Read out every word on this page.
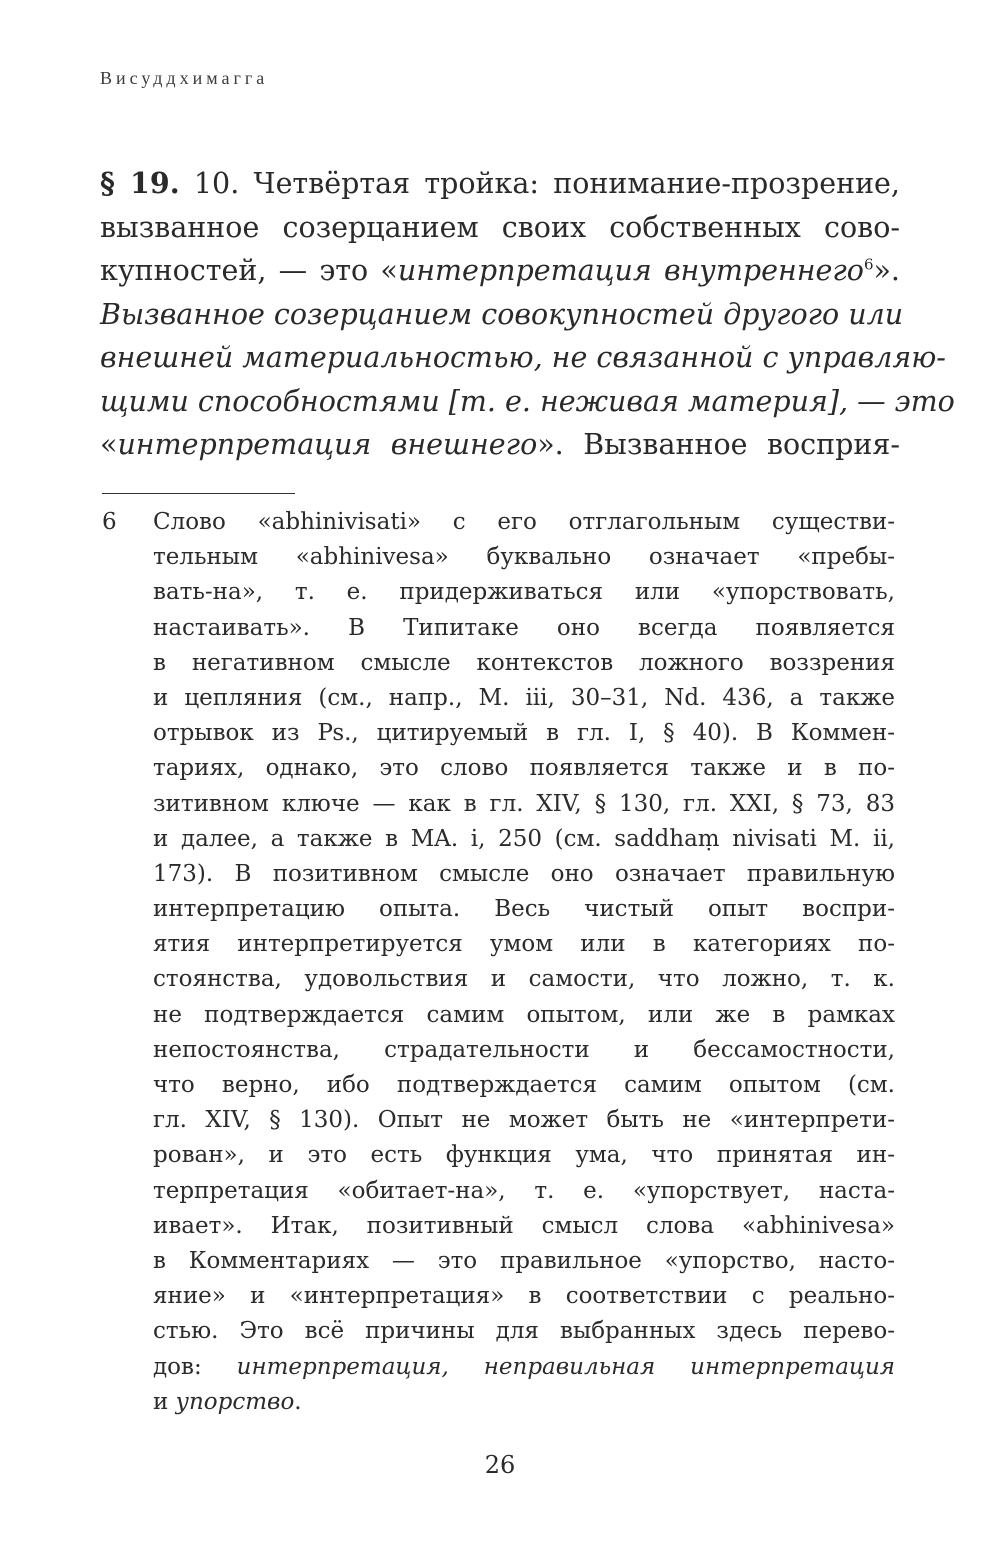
Висуддхимагга
§ 19. 10. Четвёртая тройка: понимание-прозрение,
вызванное созерцанием своих собственных сово-
купностей, — это «интерпретация внутреннего$^6$».
Вызванное созерцанием совокупностей другого или
внешней материальностью, не связанной с управляю-
щими способностями [т. е. неживая материя], — это
«интерпретация внешнего». Вызванное восприя-
6 Слово «abhinivisati» с его отглагольным существи-
тельным «abhinivesa» буквально означает «пребы-
вать-на», т. е. придерживаться или «упорствовать,
настаивать». В Типитаке оно всегда появляется
в негативном смысле контекстов ложного воззрения
и цепляния (см., напр., M. iii, 30–31, Nd. 436, а также
отрывок из Ps., цитируемый в гл. I, § 40). В Коммен-
тариях, однако, это слово появляется также и в по-
зитивном ключе — как в гл. XIV, § 130, гл. XXI, § 73, 83
и далее, а также в MA. i, 250 (см. saddhaṃ nivisati M. ii,
173). В позитивном смысле оно означает правильную
интерпретацию опыта. Весь чистый опыт воспри-
ятия интерпретируется умом или в категориях по-
стоянства, удовольствия и самости, что ложно, т. к.
не подтверждается самим опытом, или же в рамках
непостоянства, страдательности и бессамостности,
что верно, ибо подтверждается самим опытом (см.
гл. XIV, § 130). Опыт не может быть не «интерпрети-
рован», и это есть функция ума, что принятая ин-
терпретация «обитает-на», т. е. «упорствует, наста-
ивает». Итак, позитивный смысл слова «abhinivesa»
в Комментариях — это правильное «упорство, насто-
яние» и «интерпретация» в соответствии с реально-
стью. Это всё причины для выбранных здесь перево-
дов: интерпретация, неправильная интерпретация
и упорство.
26
